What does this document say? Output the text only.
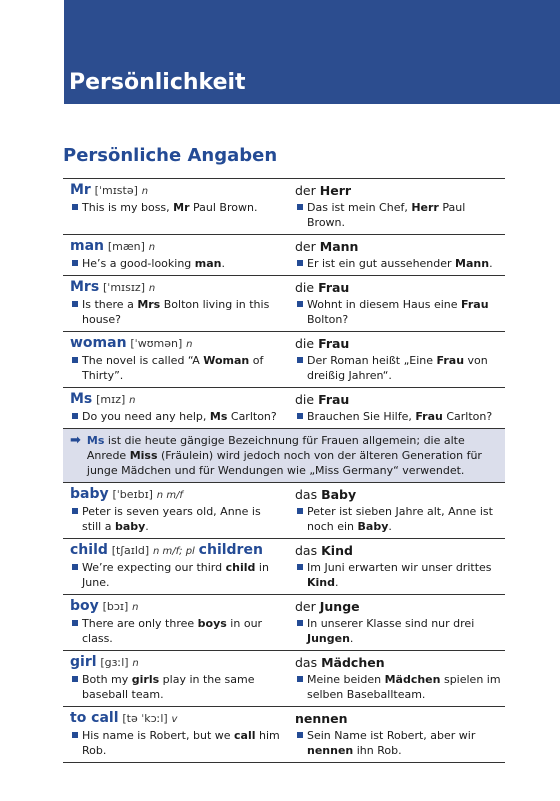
Persönlichkeit
Persönliche Angaben
Mr [ˈmɪstə] n
This is my boss, Mr Paul Brown.
der Herr
Das ist mein Chef, Herr Paul Brown.
man [mæn] n
He’s a good-looking man.
der Mann
Er ist ein gut aussehender Mann.
Mrs [ˈmɪsɪz] n
Is there a Mrs Bolton living in this house?
die Frau
Wohnt in diesem Haus eine Frau Bolton?
woman [ˈwʊmən] n
The novel is called “A Woman of Thirty”.
die Frau
Der Roman heißt „Eine Frau von dreißig Jahren“.
Ms [mɪz] n
Do you need any help, Ms Carlton?
die Frau
Brauchen Sie Hilfe, Frau Carlton?
➡ Ms ist die heute gängige Bezeichnung für Frauen allgemein; die alte Anrede Miss (Fräulein) wird jedoch noch von der älteren Generation für junge Mädchen und für Wendungen wie „Miss Germany“ verwendet.
baby [ˈbeɪbɪ] n m/f
Peter is seven years old, Anne is still a baby.
das Baby
Peter ist sieben Jahre alt, Anne ist noch ein Baby.
child [tʃaɪld] n m/f; pl children
We’re expecting our third child in June.
das Kind
Im Juni erwarten wir unser drittes Kind.
boy [bɔɪ] n
There are only three boys in our class.
der Junge
In unserer Klasse sind nur drei Jungen.
girl [gɜːl] n
Both my girls play in the same baseball team.
das Mädchen
Meine beiden Mädchen spielen im selben Baseballteam.
to call [tə ˈkɔːl] v
His name is Robert, but we call him Rob.
nennen
Sein Name ist Robert, aber wir nennen ihn Rob.
